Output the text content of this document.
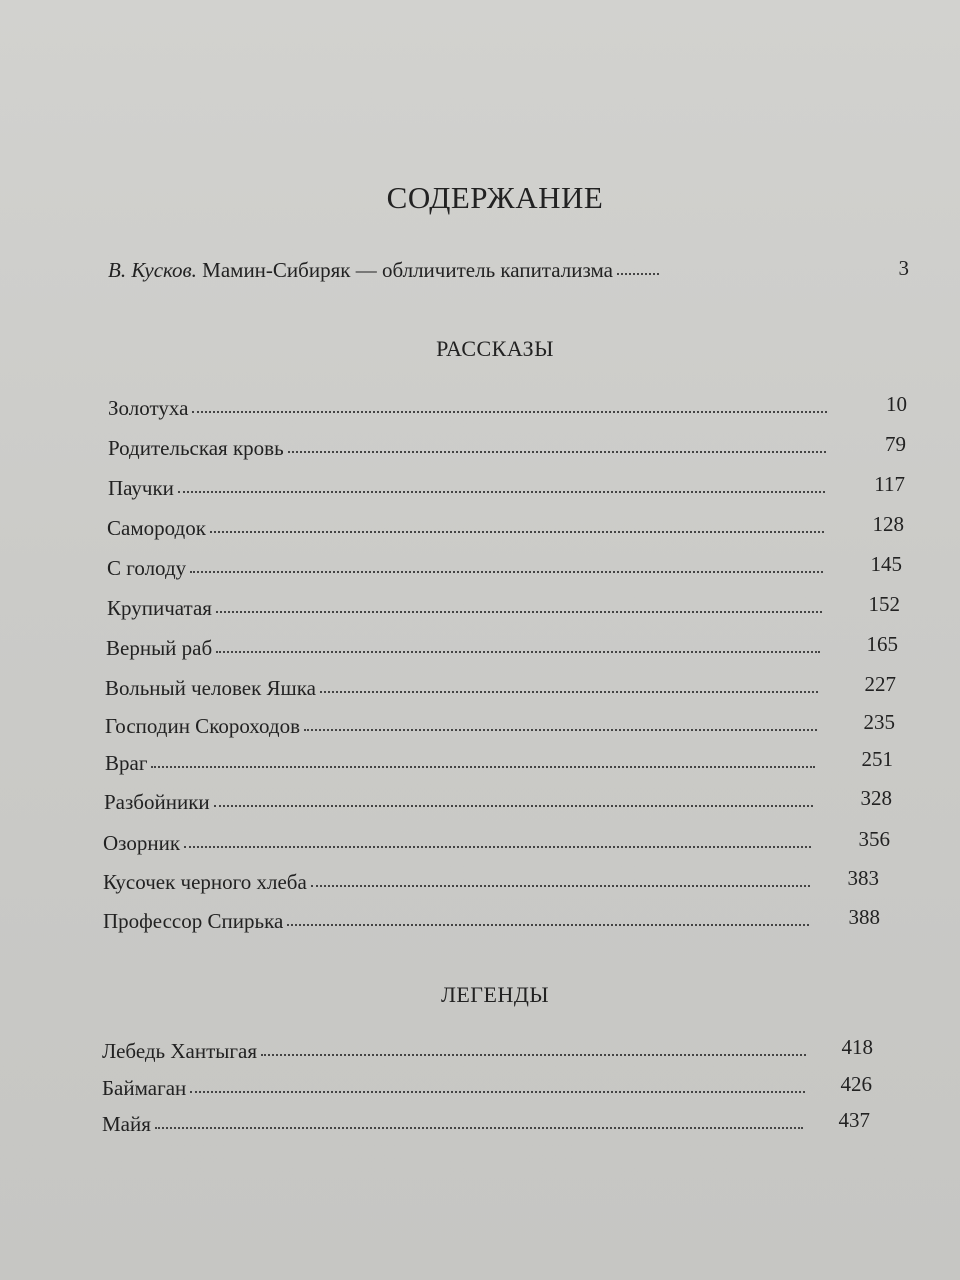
СОДЕРЖАНИЕ
В. Кусков. Мамин-Сибиряк — облличитель капитализма	3
РАССКАЗЫ
Золотуха	10
Родительская кровь	79
Паучки	117
Самородок	128
С голоду	145
Крупичатая	152
Верный раб	165
Вольный человек Яшка	227
Господин Скороходов	235
Враг	251
Разбойники	328
Озорник	356
Кусочек черного хлеба	383
Профессор Спирька	388
ЛЕГЕНДЫ
Лебедь Хантыгая	418
Баймаган	426
Майя	437
